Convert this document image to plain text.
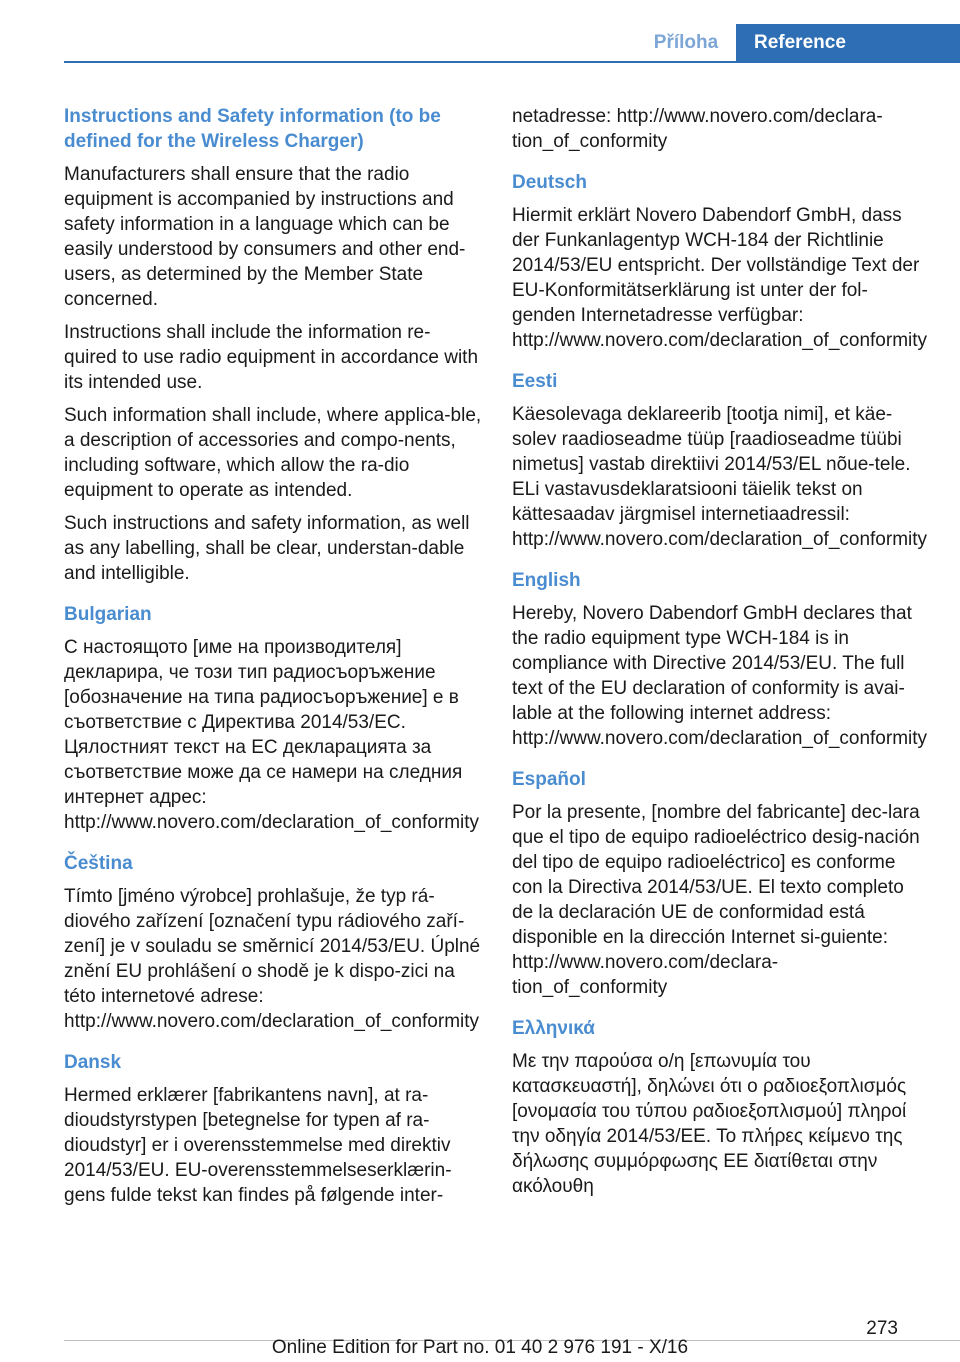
Příloha	Reference
Instructions and Safety information (to be defined for the Wireless Charger)
Manufacturers shall ensure that the radio equipment is accompanied by instructions and safety information in a language which can be easily understood by consumers and other end-users, as determined by the Member State concerned.
Instructions shall include the information re-quired to use radio equipment in accordance with its intended use.
Such information shall include, where applica-ble, a description of accessories and compo-nents, including software, which allow the ra-dio equipment to operate as intended.
Such instructions and safety information, as well as any labelling, shall be clear, understan-dable and intelligible.
Bulgarian
С настоящото [име на производителя] декларира, че този тип радиосъоръжение [обозначение на типа радиосъоръжение] е в съответствие с Директива 2014/53/ЕС. Цялостният текст на ЕС декларацията за съответствие може да се намери на следния интернет адрес: http://www.novero.com/declaration_of_conformity
Čeština
Tímto [jméno výrobce] prohlašuje, že typ rá-diového zařízení [označení typu rádiového zaří-zení] je v souladu se směrnicí 2014/53/EU. Úplné znění EU prohlášení o shodě je k dispo-zici na této internetové adrese: http://www.novero.com/declaration_of_conformity
Dansk
Hermed erklærer [fabrikantens navn], at ra-dioudstyrstypen [betegnelse for typen af ra-dioudstyr] er i overensstemmelse med direktiv 2014/53/EU. EU-overensstemmelseserklærin-gens fulde tekst kan findes på følgende inter-
netadresse: http://www.novero.com/declara-tion_of_conformity
Deutsch
Hiermit erklärt Novero Dabendorf GmbH, dass der Funkanlagentyp WCH-184 der Richtlinie 2014/53/EU entspricht. Der vollständige Text der EU-Konformitätserklärung ist unter der fol-genden Internetadresse verfügbar: http://www.novero.com/declaration_of_conformity
Eesti
Käesolevaga deklareerib [tootja nimi], et käe-solev raadioseadme tüüp [raadioseadme tüübi nimetus] vastab direktiivi 2014/53/EL nõue-tele. ELi vastavusdeklaratsiooni täielik tekst on kättesaadav järgmisel internetiaadressil: http://www.novero.com/declaration_of_conformity
English
Hereby, Novero Dabendorf GmbH declares that the radio equipment type WCH-184 is in compliance with Directive 2014/53/EU. The full text of the EU declaration of conformity is avai-lable at the following internet address: http://www.novero.com/declaration_of_conformity
Español
Por la presente, [nombre del fabricante] dec-lara que el tipo de equipo radioeléctrico desig-nación del tipo de equipo radioeléctrico] es conforme con la Directiva 2014/53/UE. El texto completo de la declaración UE de conformidad está disponible en la dirección Internet si-guiente: http://www.novero.com/declara-tion_of_conformity
Ελληνικά
Με την παρούσα ο/η [επωνυμία του κατασκευαστή], δηλώνει ότι ο ραδιοεξοπλισμός [ονομασία του τύπου ραδιοεξοπλισμού] πληροί την οδηγία 2014/53/ΕΕ. Το πλήρες κείμενο της δήλωσης συμμόρφωσης ΕΕ διατίθεται στην ακόλουθη
273
Online Edition for Part no. 01 40 2 976 191 - X/16
